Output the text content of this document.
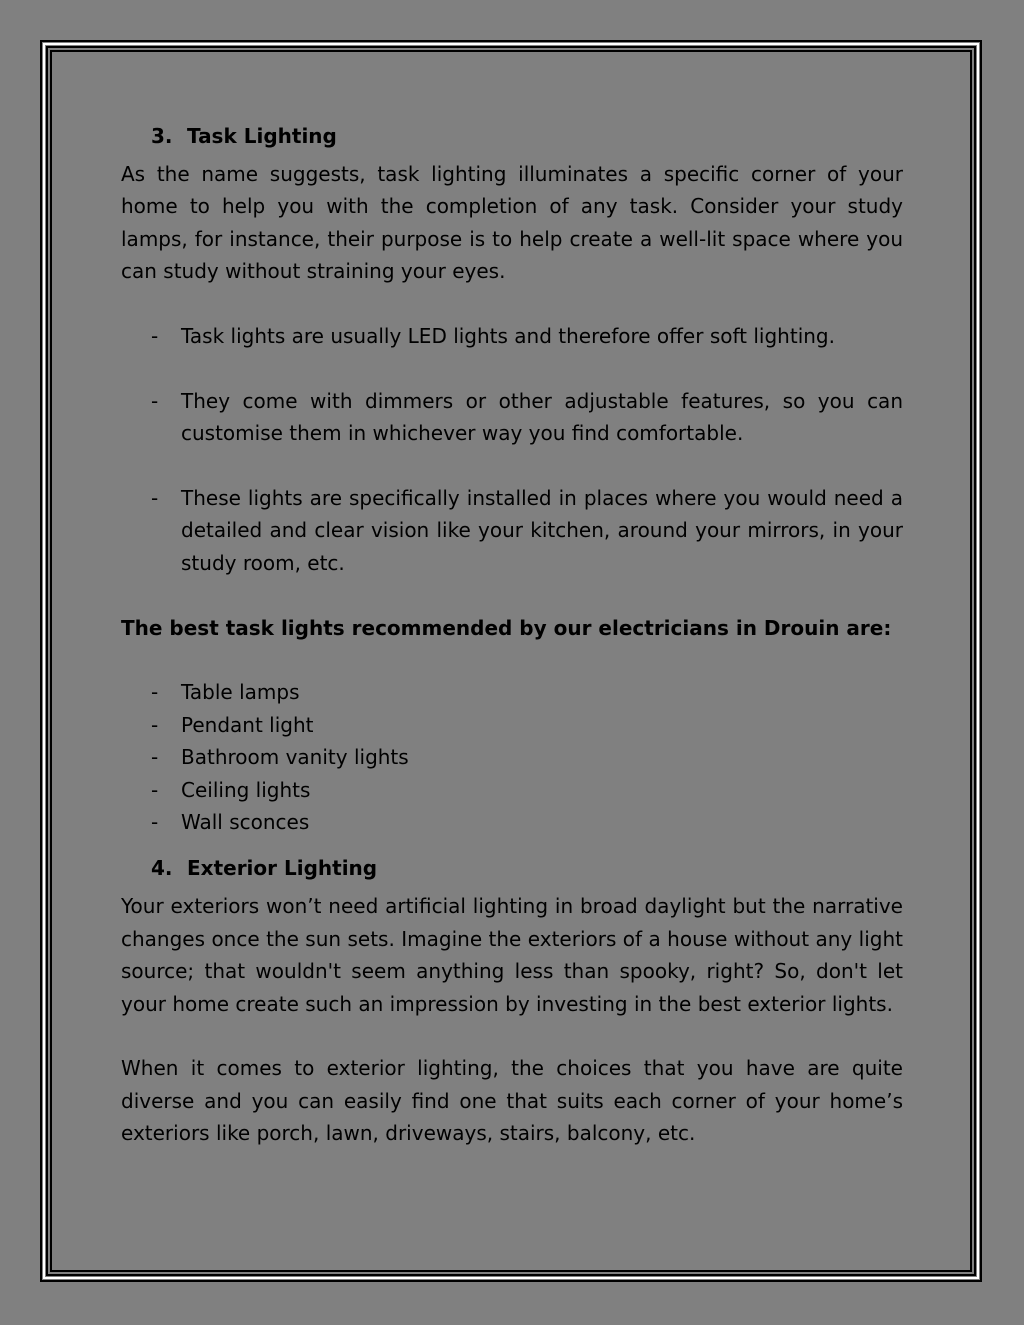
3. Task Lighting

As the name suggests, task lighting illuminates a specific corner of your home to help you with the completion of any task. Consider your study lamps, for instance, their purpose is to help create a well-lit space where you can study without straining your eyes.

-	Task lights are usually LED lights and therefore offer soft lighting.
-	They come with dimmers or other adjustable features, so you can customise them in whichever way you find comfortable.
-	These lights are specifically installed in places where you would need a detailed and clear vision like your kitchen, around your mirrors, in your study room, etc.

The best task lights recommended by our electricians in Drouin are:

-	Table lamps
-	Pendant light
-	Bathroom vanity lights
-	Ceiling lights
-	Wall sconces
4. Exterior Lighting

Your exteriors won’t need artificial lighting in broad daylight but the narrative changes once the sun sets. Imagine the exteriors of a house without any light source; that wouldn't seem anything less than spooky, right? So, don't let your home create such an impression by investing in the best exterior lights.

When it comes to exterior lighting, the choices that you have are quite diverse and you can easily find one that suits each corner of your home’s exteriors like porch, lawn, driveways, stairs, balcony, etc.
